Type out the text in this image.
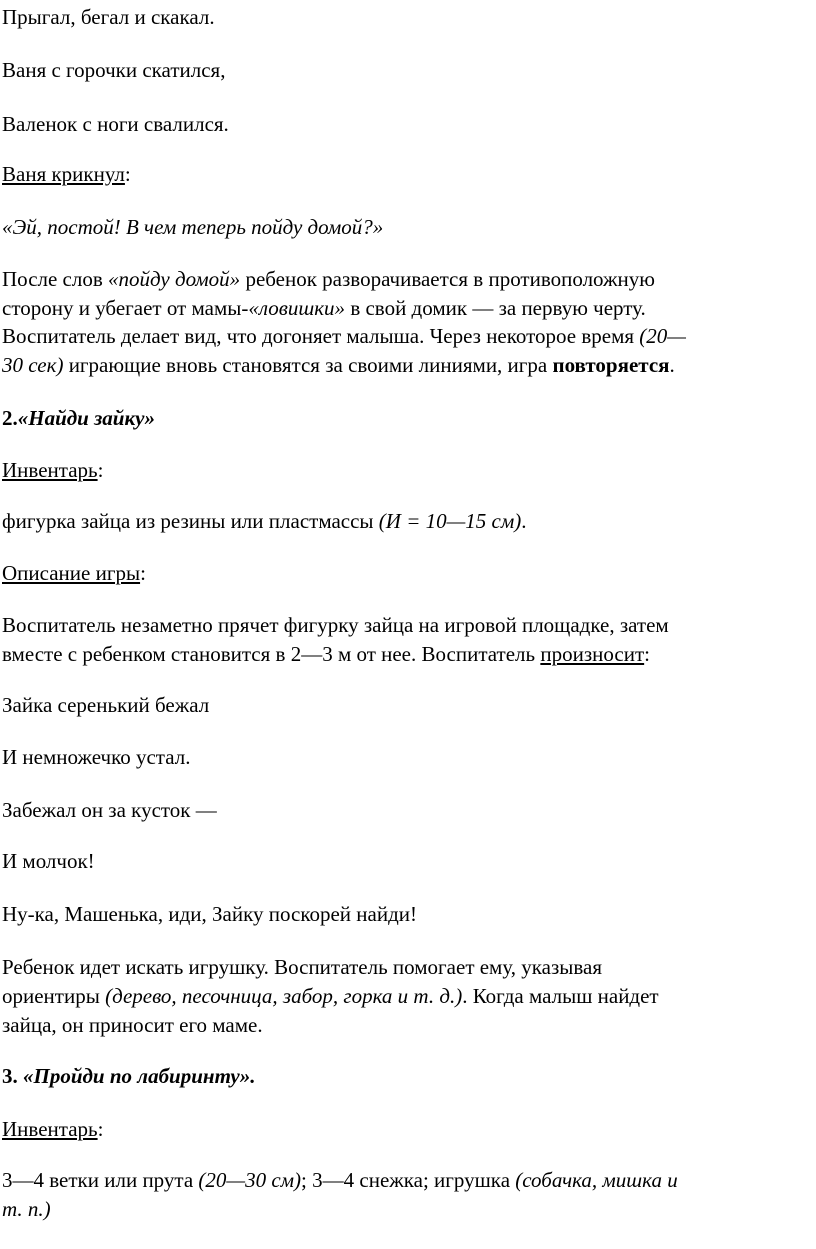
Прыгал, бегал и скакал.

Ваня с горочки скатился,

Валенок с ноги свалился.

Ваня крикнул:

«Эй, постой! В чем теперь пойду домой?»

После слов «пойду домой» ребенок разворачивается в противоположную

сторону и убегает от мамы-«ловишки» в свой домик — за первую черту.

Воспитатель делает вид, что догоняет малыша. Через некоторое время (20—

30 сек) играющие вновь становятся за своими линиями, игра повторяется.

2.«Найди зайку»

Инвентарь:

фигурка зайца из резины или пластмассы (И = 10—15 см).

Описание игры:

Воспитатель незаметно прячет фигурку зайца на игровой площадке, затем

вместе с ребенком становится в 2—3 м от нее. Воспитатель произносит:

Зайка серенький бежал

И немножечко устал.

Забежал он за кусток —

И молчок!

Ну-ка, Машенька, иди, Зайку поскорей найди!

Ребенок идет искать игрушку. Воспитатель помогает ему, указывая

ориентиры (дерево, песочница, забор, горка и т. д.). Когда малыш найдет

зайца, он приносит его маме.

3. «Пройди по лабиринту».

Инвентарь:

3—4 ветки или прута (20—30 см); 3—4 снежка; игрушка (собачка, мишка и

т. п.)
